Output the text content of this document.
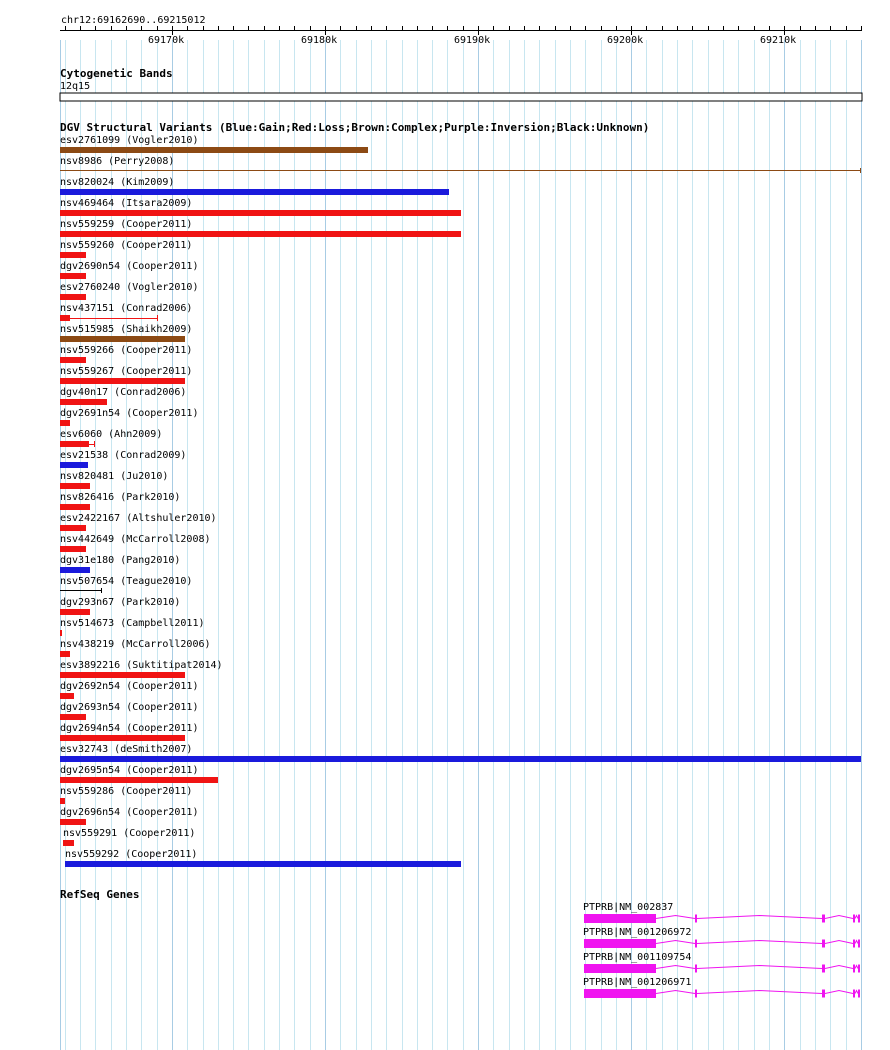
chr12:69162690..69215012
69170k	69180k	69190k	69200k	69210k
Cytogenetic Bands
12q15
DGV Structural Variants (Blue:Gain;Red:Loss;Brown:Complex;Purple:Inversion;Black:Unknown)
esv2761099 (Vogler2010)
nsv8986 (Perry2008)
nsv820024 (Kim2009)
nsv469464 (Itsara2009)
nsv559259 (Cooper2011)
nsv559260 (Cooper2011)
dgv2690n54 (Cooper2011)
esv2760240 (Vogler2010)
nsv437151 (Conrad2006)
nsv515985 (Shaikh2009)
nsv559266 (Cooper2011)
nsv559267 (Cooper2011)
dgv40n17 (Conrad2006)
dgv2691n54 (Cooper2011)
esv6060 (Ahn2009)
esv21538 (Conrad2009)
nsv820481 (Ju2010)
nsv826416 (Park2010)
esv2422167 (Altshuler2010)
nsv442649 (McCarroll2008)
dgv31e180 (Pang2010)
nsv507654 (Teague2010)
dgv293n67 (Park2010)
nsv514673 (Campbell2011)
nsv438219 (McCarroll2006)
esv3892216 (Suktitipat2014)
dgv2692n54 (Cooper2011)
dgv2693n54 (Cooper2011)
dgv2694n54 (Cooper2011)
esv32743 (deSmith2007)
dgv2695n54 (Cooper2011)
nsv559286 (Cooper2011)
dgv2696n54 (Cooper2011)
nsv559291 (Cooper2011)
nsv559292 (Cooper2011)
RefSeq Genes
PTPRB|NM_002837
PTPRB|NM_001206972
PTPRB|NM_001109754
PTPRB|NM_001206971
